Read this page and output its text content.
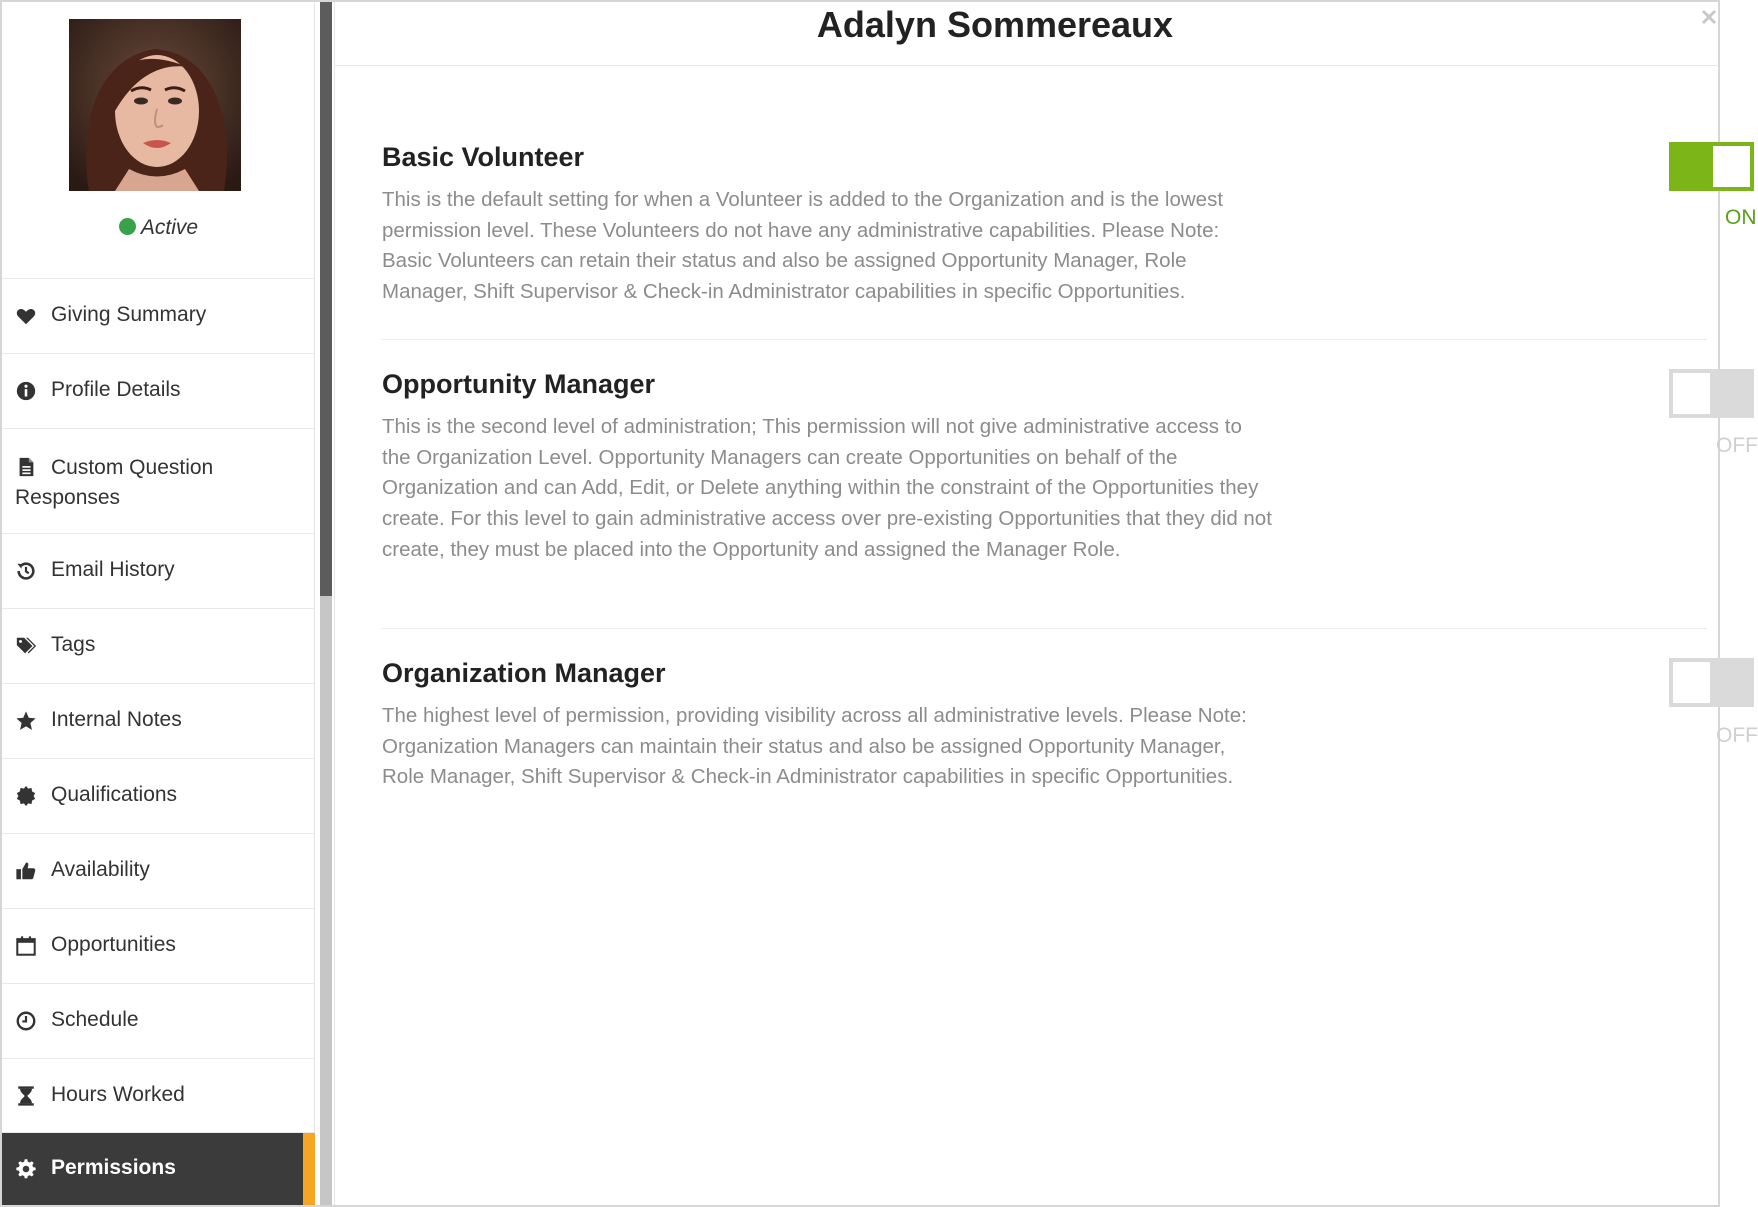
Active
Giving Summary
Profile Details
Custom Question Responses
Email History
Tags
Internal Notes
Qualifications
Availability
Opportunities
Schedule
Hours Worked
Permissions
Adalyn Sommereaux
Basic Volunteer
This is the default setting for when a Volunteer is added to the Organization and is the lowest permission level. These Volunteers do not have any administrative capabilities. Please Note: Basic Volunteers can retain their status and also be assigned Opportunity Manager, Role Manager, Shift Supervisor & Check-in Administrator capabilities in specific Opportunities.
ON
Opportunity Manager
This is the second level of administration; This permission will not give administrative access to the Organization Level. Opportunity Managers can create Opportunities on behalf of the Organization and can Add, Edit, or Delete anything within the constraint of the Opportunities they create. For this level to gain administrative access over pre-existing Opportunities that they did not create, they must be placed into the Opportunity and assigned the Manager Role.
OFF
Organization Manager
The highest level of permission, providing visibility across all administrative levels. Please Note: Organization Managers can maintain their status and also be assigned Opportunity Manager, Role Manager, Shift Supervisor & Check-in Administrator capabilities in specific Opportunities.
OFF
